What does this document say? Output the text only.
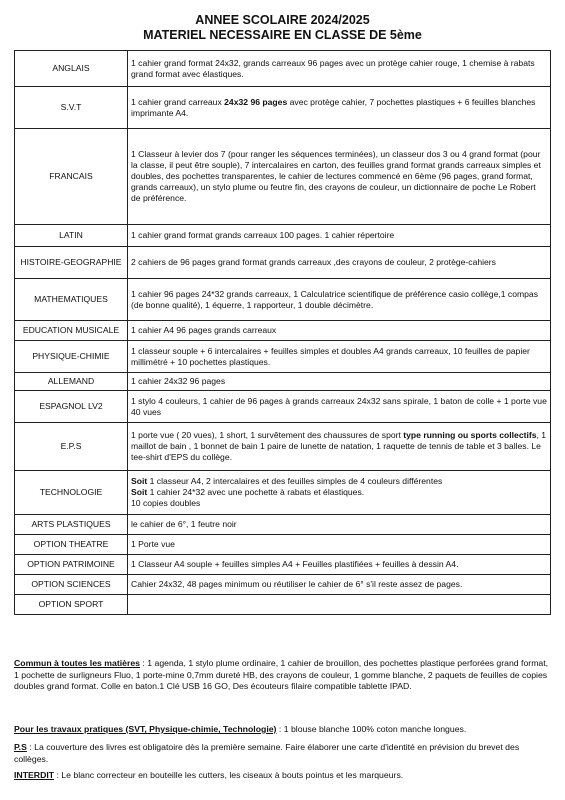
ANNEE SCOLAIRE 2024/2025
MATERIEL NECESSAIRE EN CLASSE DE 5ème
ANGLAIS	1 cahier grand format 24x32, grands carreaux 96 pages avec un protège cahier rouge, 1 chemise à rabats grand format avec élastiques.
S.V.T	1 cahier grand carreaux 24x32 96 pages avec protège cahier, 7 pochettes plastiques + 6 feuilles blanches imprimante A4.
FRANCAIS	1 Classeur à levier dos 7 (pour ranger les séquences terminées), un classeur dos 3 ou 4 grand format (pour la classe, il peut être souple), 7 intercalaires en carton, des feuilles grand format grands carreaux simples et doubles, des pochettes transparentes, le cahier de lectures commencé en 6ème (96 pages, grand format, grands carreaux), un stylo plume ou feutre fin, des crayons de couleur, un dictionnaire de poche Le Robert de préférence.
LATIN	1 cahier grand format grands carreaux 100 pages. 1 cahier répertoire
HISTOIRE-GEOGRAPHIE	2 cahiers de 96 pages grand format grands carreaux ,des crayons de couleur, 2 protège-cahiers
MATHEMATIQUES	1 cahier 96 pages 24*32 grands carreaux, 1 Calculatrice scientifique de préférence casio collège,1 compas (de bonne qualité), 1 équerre, 1 rapporteur, 1 double décimètre.
EDUCATION MUSICALE	1 cahier A4 96 pages grands carreaux
PHYSIQUE-CHIMIE	1 classeur souple + 6 intercalaires + feuilles simples et doubles A4 grands carreaux, 10 feuilles de papier millimétré + 10 pochettes plastiques.
ALLEMAND	1 cahier 24x32 96 pages
ESPAGNOL LV2	1 stylo 4 couleurs, 1 cahier de 96 pages à grands carreaux 24x32 sans spirale, 1 baton de colle + 1 porte vue 40 vues
E.P.S	1 porte vue ( 20 vues), 1 short, 1 survêtement des chaussures de sport type running ou sports collectifs, 1 maillot de bain , 1 bonnet de bain 1 paire de lunette de natation, 1 raquette de tennis de table et 3 balles. Le tee-shirt d'EPS du collège.
TECHNOLOGIE	Soit 1 classeur A4, 2 intercalaires et des feuilles simples de 4 couleurs différentes
Soit 1 cahier 24*32 avec une pochette à rabats et élastiques.
10 copies doubles
ARTS PLASTIQUES	le cahier de 6°, 1 feutre noir
OPTION THEATRE	1 Porte vue
OPTION PATRIMOINE	1 Classeur A4 souple + feuilles simples A4 + Feuilles plastifiées + feuilles à dessin A4.
OPTION SCIENCES	Cahier 24x32, 48 pages minimum ou réutiliser le cahier de 6° s'il reste assez de pages.
OPTION SPORT	
Commun à toutes les matières : 1 agenda, 1 stylo plume ordinaire, 1 cahier de brouillon, des pochettes plastique perforées grand format, 1 pochette de surligneurs Fluo, 1 porte-mine 0,7mm dureté HB, des crayons de couleur, 1 gomme blanche, 2 paquets de feuilles de copies doubles grand format. Colle en baton.1 Clé USB 16 GO, Des écouteurs filaire compatible tablette IPAD.
Pour les travaux pratiques (SVT, Physique-chimie, Technologie) : 1 blouse blanche 100% coton manche longues.
P.S : La couverture des livres est obligatoire dès la première semaine. Faire élaborer une carte d'identité en prévision du brevet des collèges.
INTERDIT : Le blanc correcteur en bouteille les cutters, les ciseaux à bouts pointus et les marqueurs.
